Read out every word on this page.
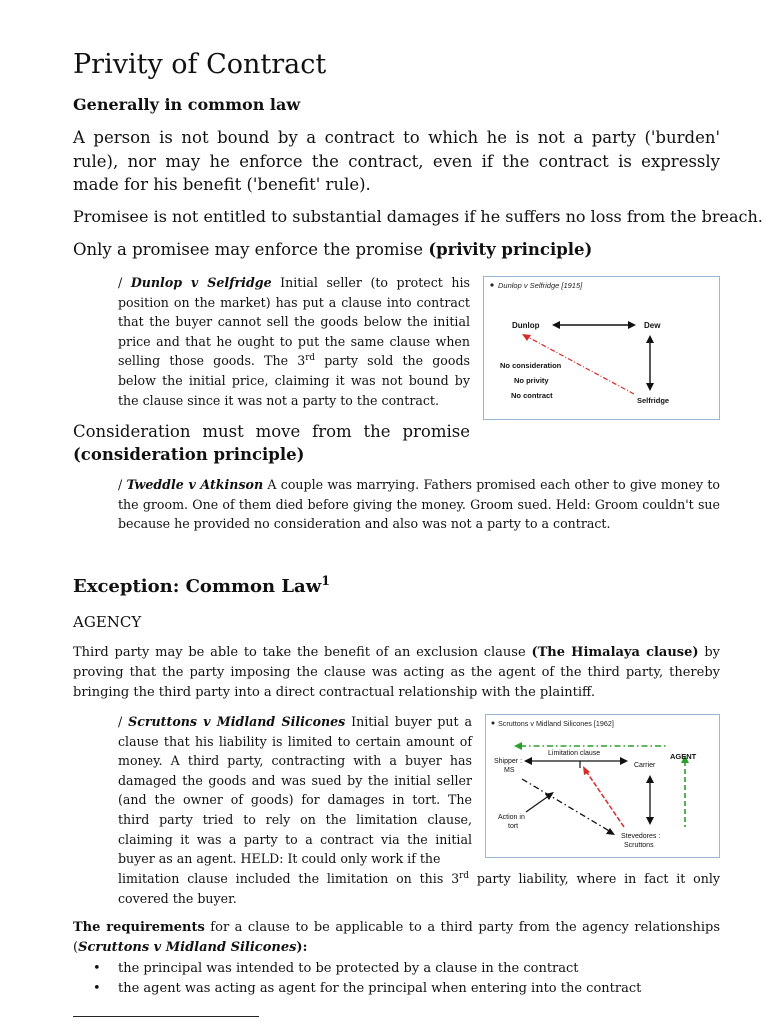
Privity of Contract
Generally in common law
A person is not bound by a contract to which he is not a party ('burden' rule), nor may he enforce the contract, even if the contract is expressly made for his benefit ('benefit' rule).
Promisee is not entitled to substantial damages if he suffers no loss from the breach.
Only a promisee may enforce the promise (privity principle)
/ Dunlop v Selfridge Initial seller (to protect his position on the market) has put a clause into contract that the buyer cannot sell the goods below the initial price and that he ought to put the same clause when selling those goods. The 3rd party sold the goods below the initial price, claiming it was not bound by the clause since it was not a party to the contract.
Dunlop v Selfridge [1915]
Dunlop	Dew
No consideration
No privity
No contract
Selfridge
Consideration must move from the promise
(consideration principle)
/ Tweddle v Atkinson A couple was marrying. Fathers promised each other to give money to the groom. One of them died before giving the money. Groom sued. Held: Groom couldn't sue because he provided no consideration and also was not a party to a contract.
Exception: Common Law$^1$
AGENCY
Third party may be able to take the benefit of an exclusion clause (The Himalaya clause) by proving that the party imposing the clause was acting as the agent of the third party, thereby bringing the third party into a direct contractual relationship with the plaintiff.
/ Scruttons v Midland Silicones Initial buyer put a clause that his liability is limited to certain amount of money. A third party, contracting with a buyer has damaged the goods and was sued by the initial seller (and the owner of goods) for damages in tort. The third party tried to rely on the limitation clause, claiming it was a party to a contract via the initial buyer as an agent. HELD: It could only work if the
Scruttons v Midland Silicones [1962]
AGENT
Limitation clause
Shipper :
MS
Carrier
Action in
tort
Stevedores :
Scruttons
limitation clause included the limitation on this 3rd party liability, where in fact it only covered the buyer.
The requirements for a clause to be applicable to a third party from the agency relationships (Scruttons v Midland Silicones):
• the principal was intended to be protected by a clause in the contract
• the agent was acting as agent for the principal when entering into the contract
